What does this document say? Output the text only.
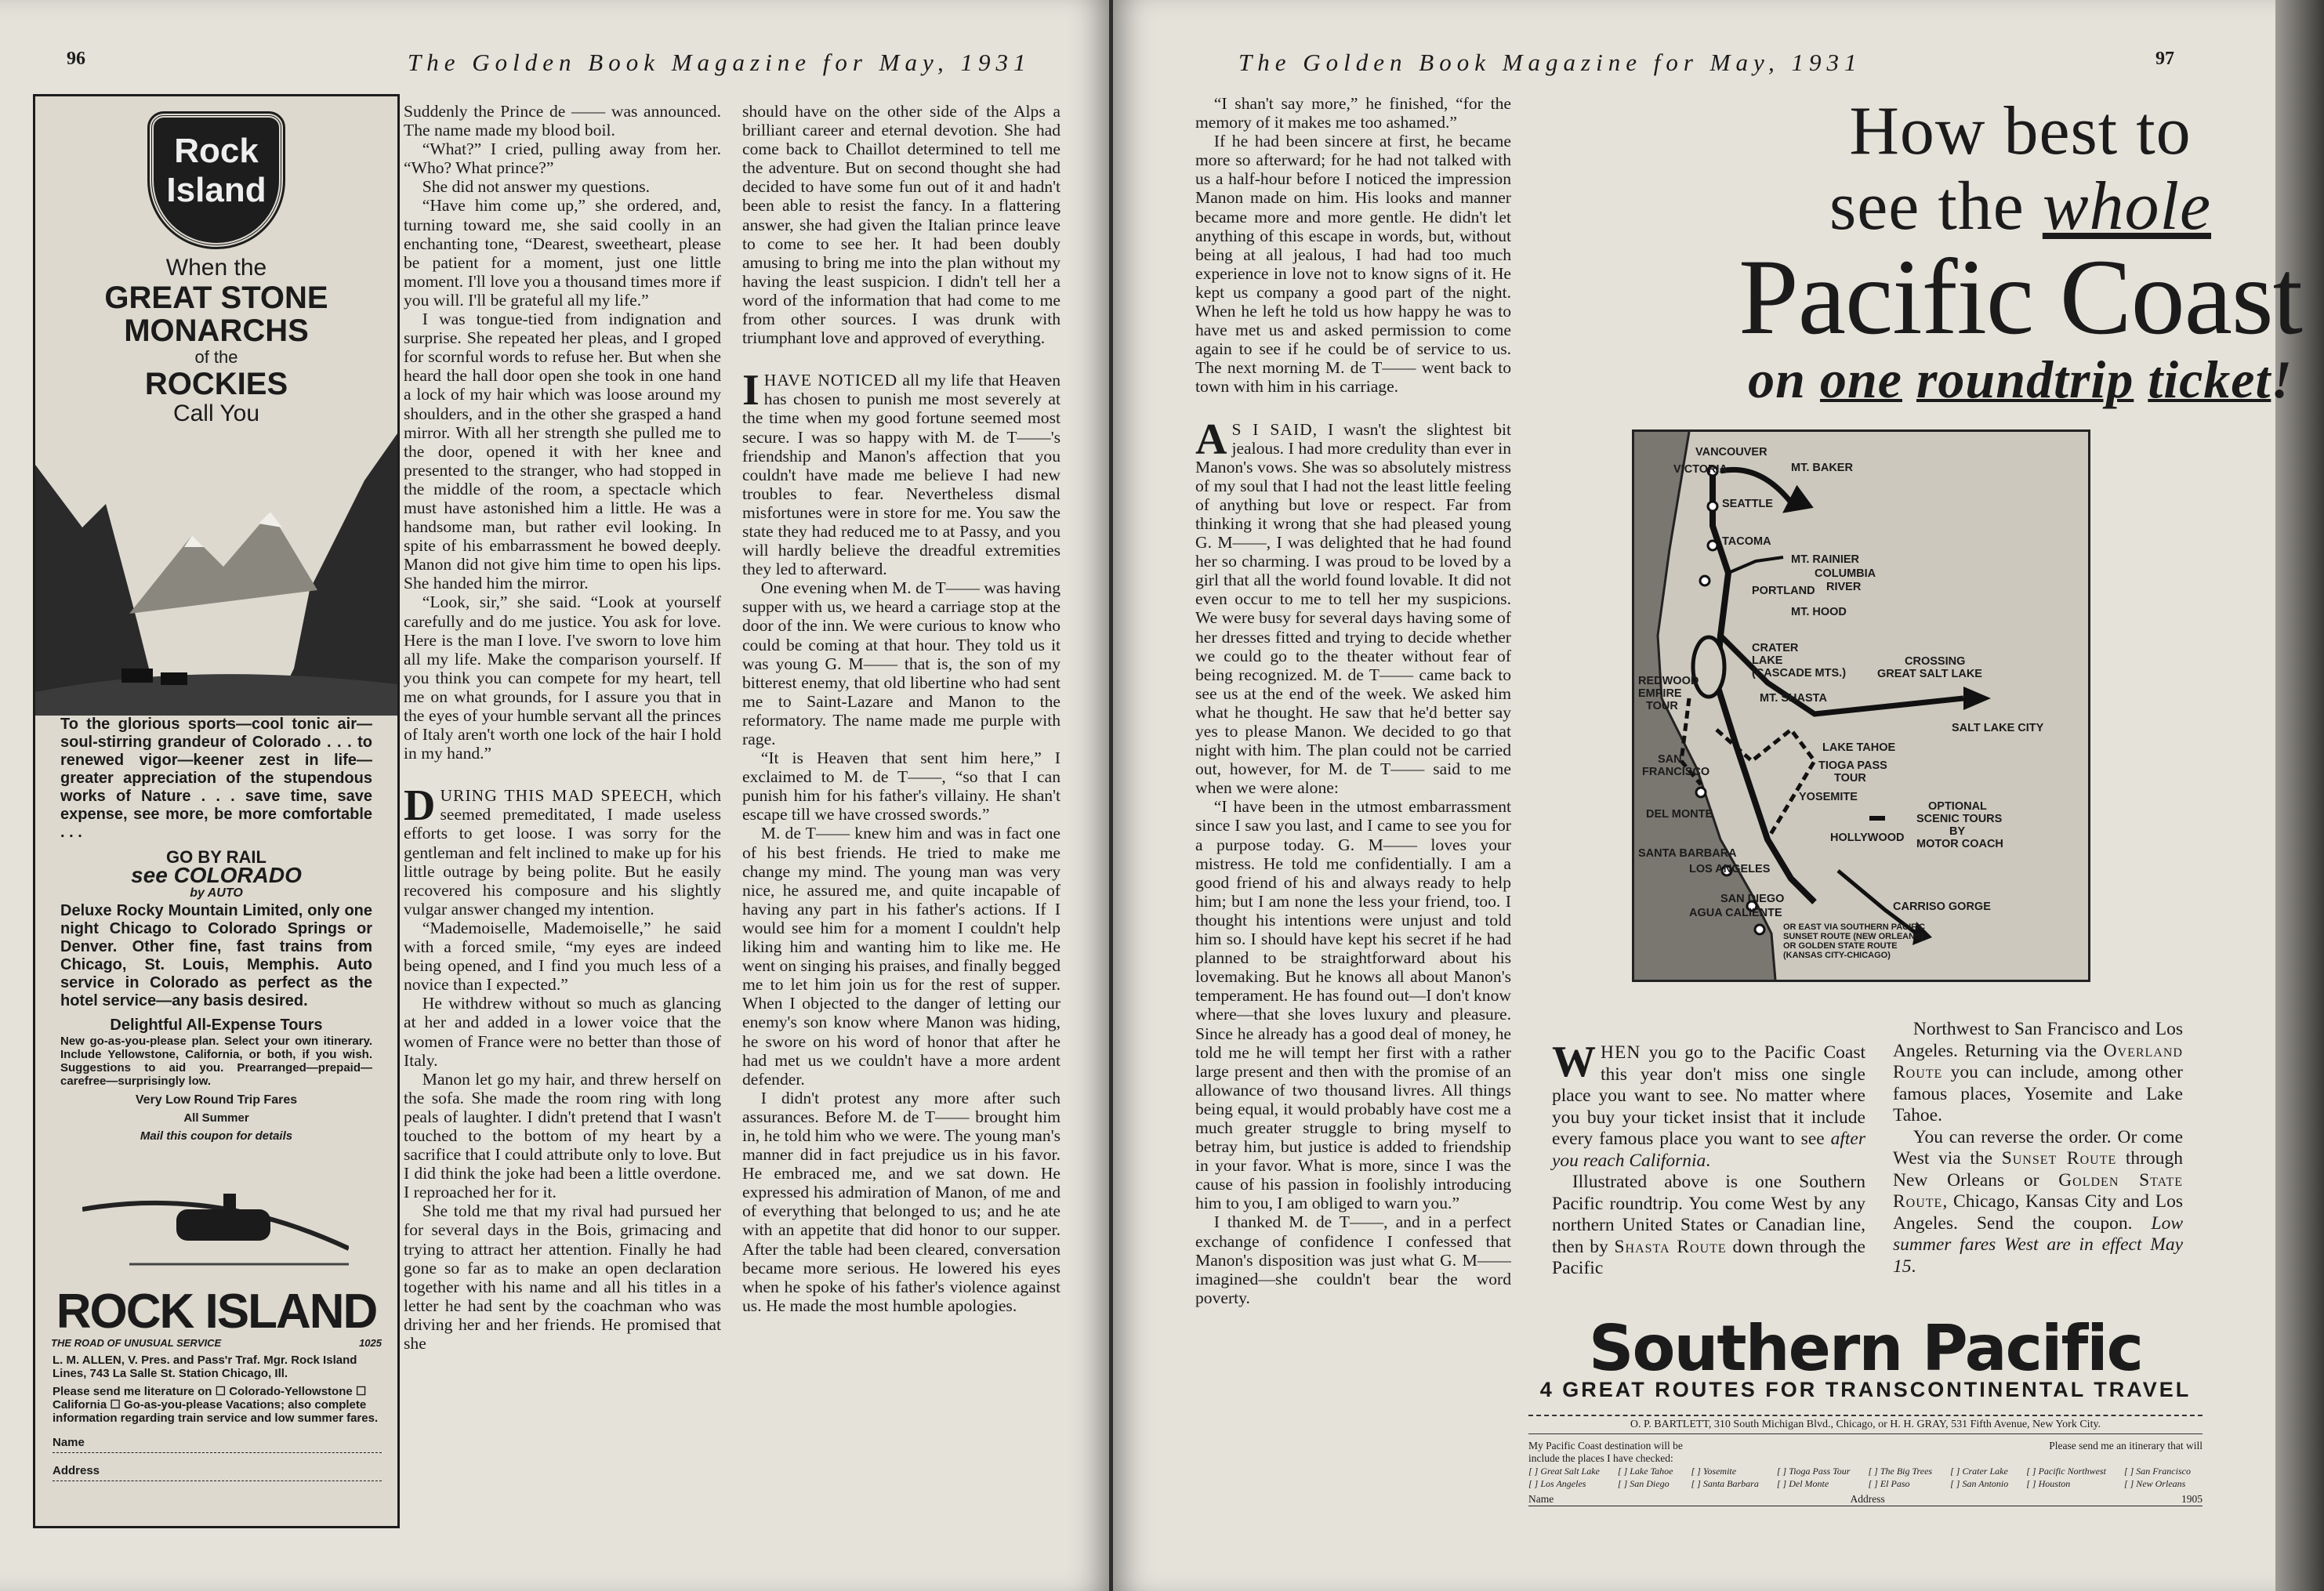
96	The Golden Book Magazine for May, 1931
Rock
Island
When the
GREAT STONE
MONARCHS
of the
ROCKIES
Call You
To the glorious sports—cool tonic air—soul-stirring grandeur of Colorado . . . to renewed vigor—keener zest in life—greater appreciation of the stupendous works of Nature . . . save time, save expense, see more, be more comfortable . . .
GO BY RAIL
see COLORADO
by AUTO
Deluxe Rocky Mountain Limited, only one night Chicago to Colorado Springs or Denver. Other fine, fast trains from Chicago, St. Louis, Memphis. Auto service in Colorado as perfect as the hotel service—any basis desired.
Delightful All-Expense Tours
New go-as-you-please plan. Select your own itinerary. Include Yellowstone, California, or both, if you wish. Suggestions to aid you. Prearranged—prepaid—carefree—surprisingly low.
Very Low Round Trip Fares
All Summer
Mail this coupon for details
ROCK ISLAND
THE ROAD OF UNUSUAL SERVICE	1025
L. M. ALLEN, V. Pres. and Pass'r Traf. Mgr. Rock Island Lines, 743 La Salle St. Station Chicago, Ill.
Please send me literature on ☐ Colorado-Yellowstone ☐ California ☐ Go-as-you-please Vacations; also complete information regarding train service and low summer fares.
Name
Address

Suddenly the Prince de —— was announced. The name made my blood boil.

“What?” I cried, pulling away from her. “Who? What prince?”

She did not answer my questions.

“Have him come up,” she ordered, and, turning toward me, she said coolly in an enchanting tone, “Dearest, sweetheart, please be patient for a moment, just one little moment. I'll love you a thousand times more if you will. I'll be grateful all my life.”

I was tongue-tied from indignation and surprise. She repeated her pleas, and I groped for scornful words to refuse her. But when she heard the hall door open she took in one hand a lock of my hair which was loose around my shoulders, and in the other she grasped a hand mirror. With all her strength she pulled me to the door, opened it with her knee and presented to the stranger, who had stopped in the middle of the room, a spectacle which must have astonished him a little. He was a handsome man, but rather evil looking. In spite of his embarrassment he bowed deeply. Manon did not give him time to open his lips. She handed him the mirror.

“Look, sir,” she said. “Look at yourself carefully and do me justice. You ask for love. Here is the man I love. I've sworn to love him all my life. Make the comparison yourself. If you think you can compete for my heart, tell me on what grounds, for I assure you that in the eyes of your humble servant all the princes of Italy aren't worth one lock of the hair I hold in my hand.”

DURING THIS MAD SPEECH, which seemed premeditated, I made useless efforts to get loose. I was sorry for the gentleman and felt inclined to make up for his little outrage by being polite. But he easily recovered his composure and his slightly vulgar answer changed my intention.

“Mademoiselle, Mademoiselle,” he said with a forced smile, “my eyes are indeed being opened, and I find you much less of a novice than I expected.”

He withdrew without so much as glancing at her and added in a lower voice that the women of France were no better than those of Italy.

Manon let go my hair, and threw herself on the sofa. She made the room ring with long peals of laughter. I didn't pretend that I wasn't touched to the bottom of my heart by a sacrifice that I could attribute only to love. But I did think the joke had been a little overdone. I reproached her for it.

She told me that my rival had pursued her for several days in the Bois, grimacing and trying to attract her attention. Finally he had gone so far as to make an open declaration together with his name and all his titles in a letter he had sent by the coachman who was driving her and her friends. He promised that she

should have on the other side of the Alps a brilliant career and eternal devotion. She had come back to Chaillot determined to tell me the adventure. But on second thought she had decided to have some fun out of it and hadn't been able to resist the fancy. In a flattering answer, she had given the Italian prince leave to come to see her. It had been doubly amusing to bring me into the plan without my having the least suspicion. I didn't tell her a word of the information that had come to me from other sources. I was drunk with triumphant love and approved of everything.

IHAVE NOTICED all my life that Heaven has chosen to punish me most severely at the time when my good fortune seemed most secure. I was so happy with M. de T——'s friendship and Manon's affection that you couldn't have made me believe I had new troubles to fear. Nevertheless dismal misfortunes were in store for me. You saw the state they had reduced me to at Passy, and you will hardly believe the dreadful extremities they led to afterward.

One evening when M. de T—— was having supper with us, we heard a carriage stop at the door of the inn. We were curious to know who could be coming at that hour. They told us it was young G. M—— that is, the son of my bitterest enemy, that old libertine who had sent me to Saint-Lazare and Manon to the reformatory. The name made me purple with rage.

“It is Heaven that sent him here,” I exclaimed to M. de T——, “so that I can punish him for his father's villainy. He shan't escape till we have crossed swords.”

M. de T—— knew him and was in fact one of his best friends. He tried to make me change my mind. The young man was very nice, he assured me, and quite incapable of having any part in his father's actions. If I would see him for a moment I couldn't help liking him and wanting him to like me. He went on singing his praises, and finally begged me to let him join us for the rest of supper. When I objected to the danger of letting our enemy's son know where Manon was hiding, he swore on his word of honor that after he had met us we couldn't have a more ardent defender.

I didn't protest any more after such assurances. Before M. de T—— brought him in, he told him who we were. The young man's manner did in fact prejudice us in his favor. He embraced me, and we sat down. He expressed his admiration of Manon, of me and of everything that belonged to us; and he ate with an appetite that did honor to our supper. After the table had been cleared, conversation became more serious. He lowered his eyes when he spoke of his father's violence against us. He made the most humble apologies.

97
The Golden Book Magazine for May, 1931

“I shan't say more,” he finished, “for the memory of it makes me too ashamed.”

If he had been sincere at first, he became more so afterward; for he had not talked with us a half-hour before I noticed the impression Manon made on him. His looks and manner became more and more gentle. He didn't let anything of this escape in words, but, without being at all jealous, I had had too much experience in love not to know signs of it. He kept us company a good part of the night. When he left he told us how happy he was to have met us and asked permission to come again to see if he could be of service to us. The next morning M. de T—— went back to town with him in his carriage.

A S I SAID, I wasn't the slightest bit jealous. I had more credulity than ever in Manon's vows. She was so absolutely mistress of my soul that I had not the least little feeling of anything but love or respect. Far from thinking it wrong that she had pleased young G. M——, I was delighted that he had found her so charming. I was proud to be loved by a girl that all the world found lovable. It did not even occur to me to tell her my suspicions. We were busy for several days having some of her dresses fitted and trying to decide whether we could go to the theater without fear of being recognized. M. de T—— came back to see us at the end of the week. We asked him what he thought. He saw that he'd better say yes to please Manon. We decided to go that night with him. The plan could not be carried out, however, for M. de T—— said to me when we were alone:

“I have been in the utmost embarrassment since I saw you last, and I came to see you for a purpose today. G. M—— loves your mistress. He told me confidentially. I am a good friend of his and always ready to help him; but I am none the less your friend, too. I thought his intentions were unjust and told him so. I should have kept his secret if he had planned to be straightforward about his lovemaking. But he knows all about Manon's temperament. He has found out—I don't know where—that she loves luxury and pleasure. Since he already has a good deal of money, he told me he will tempt her first with a rather large present and then with the promise of an allowance of two thousand livres. All things being equal, it would probably have cost me a much greater struggle to bring myself to betray him, but justice is added to friendship in your favor. What is more, since I was the cause of his passion in foolishly introducing him to you, I am obliged to warn you.”

I thanked M. de T——, and in a perfect exchange of confidence I confessed that Manon's disposition was just what G. M—— imagined—she couldn't bear the word poverty.

How best to
see the whole
Pacific Coast
on one roundtrip ticket!
VANCOUVER
VICTORIA	MT. BAKER
SEATTLE
TACOMA
MT. RAINIER
COLUMBIA
RIVER
PORTLAND
MT. HOOD
CRATER
LAKE
(CASCADE MTS.)
CROSSING
GREAT SALT LAKE
REDWOOD
EMPIRE
TOUR
MT. SHASTA
SALT LAKE CITY
LAKE TAHOE
TIOGA PASS
TOUR
SAN
FRANCISCO
YOSEMITE
DEL MONTE
HOLLYWOOD
SANTA BARBARA
LOS ANGELES
SAN DIEGO
AGUA CALIENTE	CARRISO GORGE
OPTIONAL
SCENIC TOURS
BY
MOTOR COACH
OR EAST VIA SOUTHERN PACIFIC
SUNSET ROUTE (NEW ORLEANS)
OR GOLDEN STATE ROUTE
(KANSAS CITY-CHICAGO)

WHEN you go to the Pacific Coast this year don't miss one single place you want to see. No matter where you buy your ticket insist that it include every famous place you want to see after you reach California.

Illustrated above is one Southern Pacific roundtrip. You come West by any northern United States or Canadian line, then by Shasta Route down through the Pacific

Northwest to San Francisco and Los Angeles. Returning via the Overland Route you can include, among other famous places, Yosemite and Lake Tahoe.

You can reverse the order. Or come West via the Sunset Route through New Orleans or Golden State Route, Chicago, Kansas City and Los Angeles. Send the coupon. Low summer fares West are in effect May 15.

Southern Pacific
4 GREAT ROUTES FOR TRANSCONTINENTAL TRAVEL
O. P. BARTLETT, 310 South Michigan Blvd., Chicago, or H. H. GRAY, 531 Fifth Avenue, New York City.
My Pacific Coast destination will be	Please send me an itinerary that will
include the places I have checked:
[ ] Great Salt Lake	[ ] Lake Tahoe	[ ] Yosemite	[ ] Tioga Pass Tour	[ ] The Big Trees	[ ] Crater Lake	[ ] Pacific Northwest	[ ] San Francisco
[ ] Los Angeles	[ ] San Diego	[ ] Santa Barbara	[ ] Del Monte	[ ] El Paso	[ ] San Antonio	[ ] Houston	[ ] New Orleans
Name	Address	1905
